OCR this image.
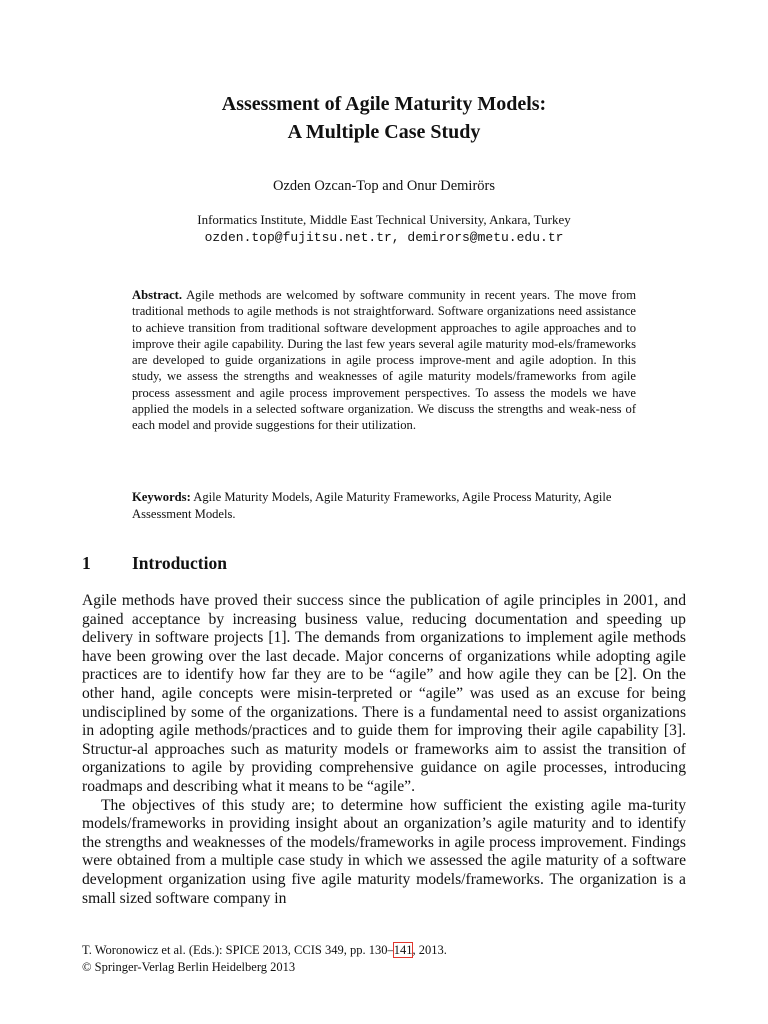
Assessment of Agile Maturity Models:
A Multiple Case Study
Ozden Ozcan-Top and Onur Demirörs
Informatics Institute, Middle East Technical University, Ankara, Turkey
ozden.top@fujitsu.net.tr, demirors@metu.edu.tr

Abstract. Agile methods are welcomed by software community in recent years. The move from traditional methods to agile methods is not straightforward. Software organizations need assistance to achieve transition from traditional software development approaches to agile approaches and to improve their agile capability. During the last few years several agile maturity mod-els/frameworks are developed to guide organizations in agile process improve-ment and agile adoption. In this study, we assess the strengths and weaknesses of agile maturity models/frameworks from agile process assessment and agile process improvement perspectives. To assess the models we have applied the models in a selected software organization. We discuss the strengths and weak-ness of each model and provide suggestions for their utilization.

Keywords: Agile Maturity Models, Agile Maturity Frameworks, Agile Process Maturity, Agile Assessment Models.

1 Introduction

Agile methods have proved their success since the publication of agile principles in 2001, and gained acceptance by increasing business value, reducing documentation and speeding up delivery in software projects [1]. The demands from organizations to implement agile methods have been growing over the last decade. Major concerns of organizations while adopting agile practices are to identify how far they are to be “agile” and how agile they can be [2]. On the other hand, agile concepts were misin-terpreted or “agile” was used as an excuse for being undisciplined by some of the organizations. There is a fundamental need to assist organizations in adopting agile methods/practices and to guide them for improving their agile capability [3]. Structur-al approaches such as maturity models or frameworks aim to assist the transition of organizations to agile by providing comprehensive guidance on agile processes, introducing roadmaps and describing what it means to be “agile”.

The objectives of this study are; to determine how sufficient the existing agile ma-turity models/frameworks in providing insight about an organization’s agile maturity and to identify the strengths and weaknesses of the models/frameworks in agile process improvement. Findings were obtained from a multiple case study in which we assessed the agile maturity of a software development organization using five agile maturity models/frameworks. The organization is a small sized software company in

T. Woronowicz et al. (Eds.): SPICE 2013, CCIS 349, pp. 130–141, 2013.
© Springer-Verlag Berlin Heidelberg 2013
